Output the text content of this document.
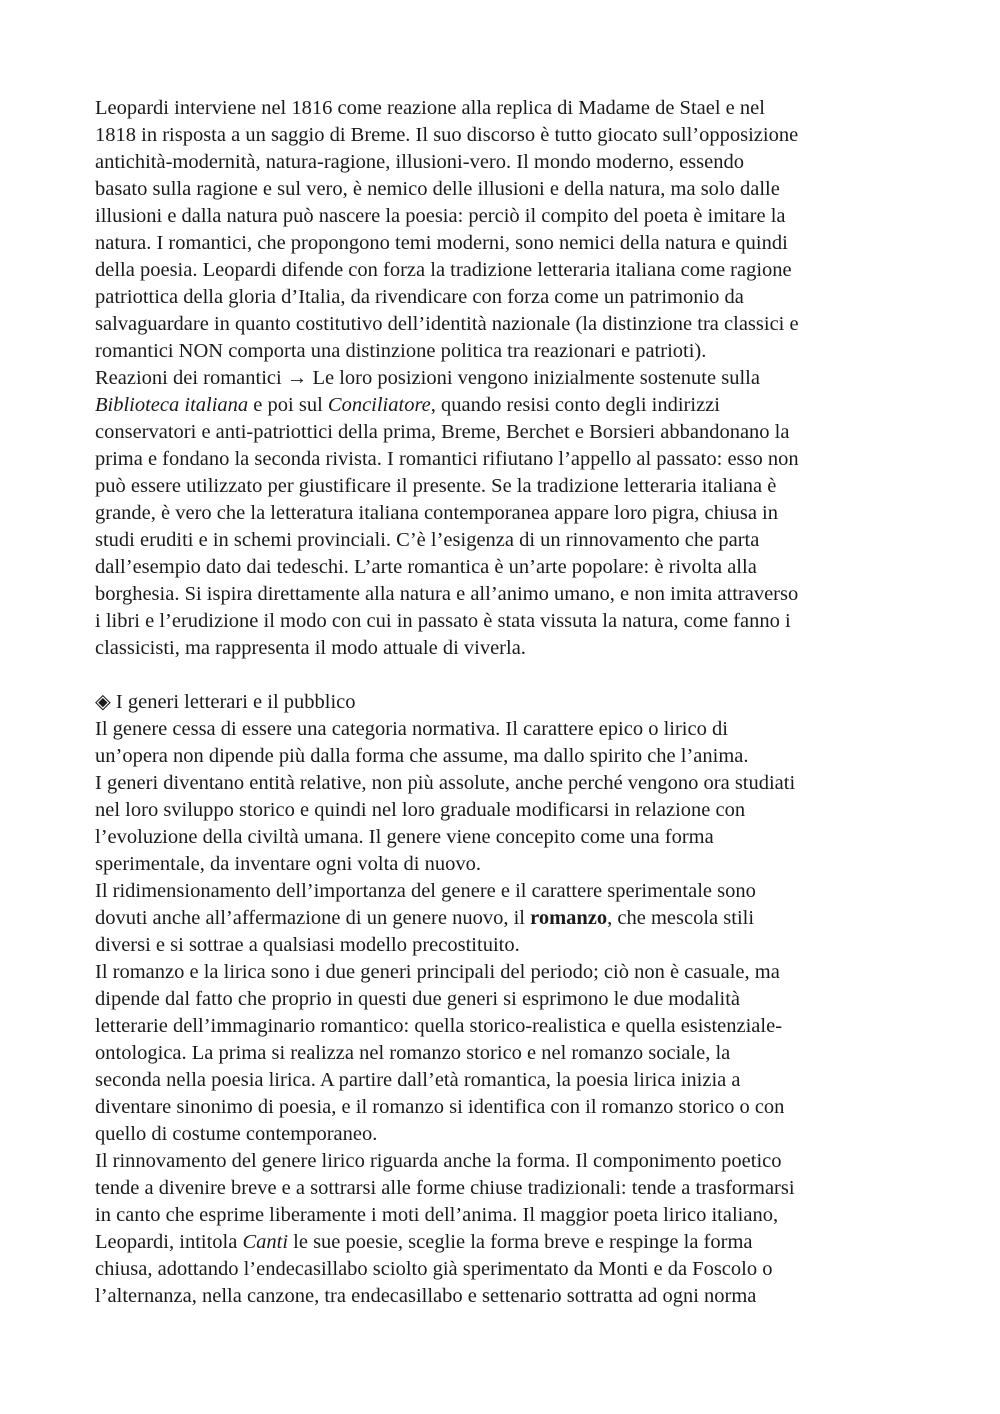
Leopardi interviene nel 1816 come reazione alla replica di Madame de Stael e nel
1818 in risposta a un saggio di Breme. Il suo discorso è tutto giocato sull’opposizione
antichità-modernità, natura-ragione, illusioni-vero. Il mondo moderno, essendo
basato sulla ragione e sul vero, è nemico delle illusioni e della natura, ma solo dalle
illusioni e dalla natura può nascere la poesia: perciò il compito del poeta è imitare la
natura. I romantici, che propongono temi moderni, sono nemici della natura e quindi
della poesia. Leopardi difende con forza la tradizione letteraria italiana come ragione
patriottica della gloria d’Italia, da rivendicare con forza come un patrimonio da
salvaguardare in quanto costitutivo dell’identità nazionale (la distinzione tra classici e
romantici NON comporta una distinzione politica tra reazionari e patrioti).
Reazioni dei romantici → Le loro posizioni vengono inizialmente sostenute sulla
Biblioteca italiana e poi sul Conciliatore, quando resisi conto degli indirizzi
conservatori e anti-patriottici della prima, Breme, Berchet e Borsieri abbandonano la
prima e fondano la seconda rivista. I romantici rifiutano l’appello al passato: esso non
può essere utilizzato per giustificare il presente. Se la tradizione letteraria italiana è
grande, è vero che la letteratura italiana contemporanea appare loro pigra, chiusa in
studi eruditi e in schemi provinciali. C’è l’esigenza di un rinnovamento che parta
dall’esempio dato dai tedeschi. L’arte romantica è un’arte popolare: è rivolta alla
borghesia. Si ispira direttamente alla natura e all’animo umano, e non imita attraverso
i libri e l’erudizione il modo con cui in passato è stata vissuta la natura, come fanno i
classicisti, ma rappresenta il modo attuale di viverla.
◈ I generi letterari e il pubblico
Il genere cessa di essere una categoria normativa. Il carattere epico o lirico di
un’opera non dipende più dalla forma che assume, ma dallo spirito che l’anima.
I generi diventano entità relative, non più assolute, anche perché vengono ora studiati
nel loro sviluppo storico e quindi nel loro graduale modificarsi in relazione con
l’evoluzione della civiltà umana. Il genere viene concepito come una forma
sperimentale, da inventare ogni volta di nuovo.
Il ridimensionamento dell’importanza del genere e il carattere sperimentale sono
dovuti anche all’affermazione di un genere nuovo, il romanzo, che mescola stili
diversi e si sottrae a qualsiasi modello precostituito.
Il romanzo e la lirica sono i due generi principali del periodo; ciò non è casuale, ma
dipende dal fatto che proprio in questi due generi si esprimono le due modalità
letterarie dell’immaginario romantico: quella storico-realistica e quella esistenziale-
ontologica. La prima si realizza nel romanzo storico e nel romanzo sociale, la
seconda nella poesia lirica. A partire dall’età romantica, la poesia lirica inizia a
diventare sinonimo di poesia, e il romanzo si identifica con il romanzo storico o con
quello di costume contemporaneo.
Il rinnovamento del genere lirico riguarda anche la forma. Il componimento poetico
tende a divenire breve e a sottrarsi alle forme chiuse tradizionali: tende a trasformarsi
in canto che esprime liberamente i moti dell’anima. Il maggior poeta lirico italiano,
Leopardi, intitola Canti le sue poesie, sceglie la forma breve e respinge la forma
chiusa, adottando l’endecasillabo sciolto già sperimentato da Monti e da Foscolo o
l’alternanza, nella canzone, tra endecasillabo e settenario sottratta ad ogni norma
